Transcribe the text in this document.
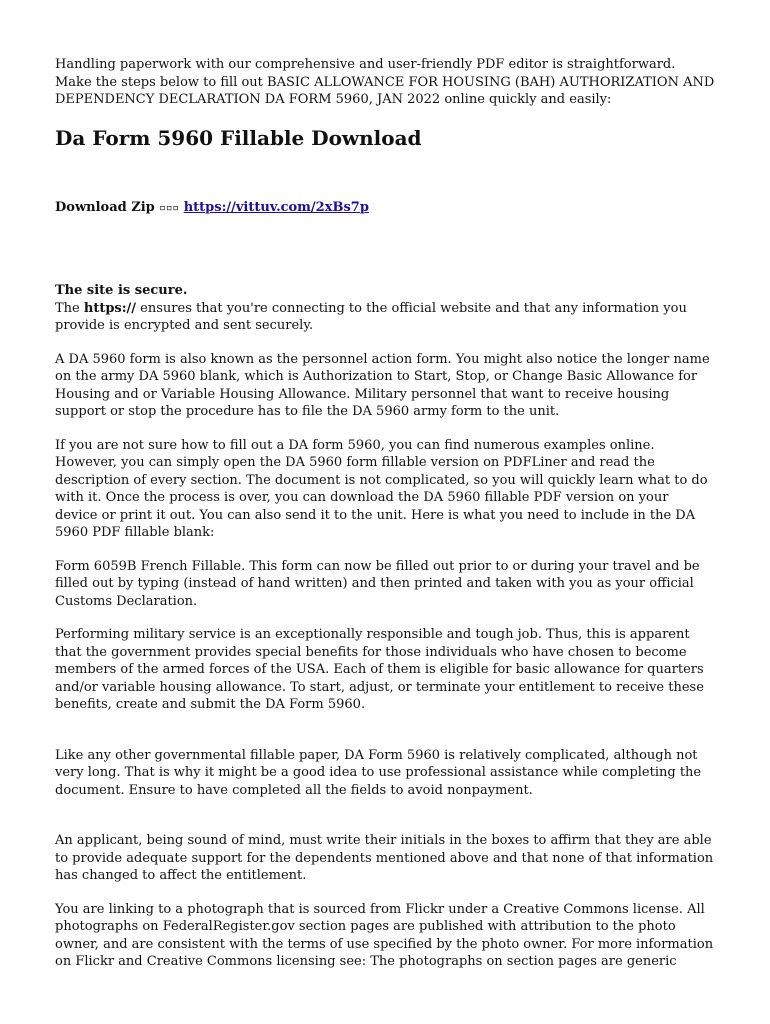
Handling paperwork with our comprehensive and user-friendly PDF editor is straightforward. Make the steps below to fill out BASIC ALLOWANCE FOR HOUSING (BAH) AUTHORIZATION AND DEPENDENCY DECLARATION DA FORM 5960, JAN 2022 online quickly and easily:

Da Form 5960 Fillable Download

Download Zip ▫▫▫ https://vittuv.com/2xBs7p

The site is secure.

The https:// ensures that you're connecting to the official website and that any information you provide is encrypted and sent securely.

A DA 5960 form is also known as the personnel action form. You might also notice the longer name on the army DA 5960 blank, which is Authorization to Start, Stop, or Change Basic Allowance for Housing and or Variable Housing Allowance. Military personnel that want to receive housing support or stop the procedure has to file the DA 5960 army form to the unit.

If you are not sure how to fill out a DA form 5960, you can find numerous examples online. However, you can simply open the DA 5960 form fillable version on PDFLiner and read the description of every section. The document is not complicated, so you will quickly learn what to do with it. Once the process is over, you can download the DA 5960 fillable PDF version on your device or print it out. You can also send it to the unit. Here is what you need to include in the DA 5960 PDF fillable blank:

Form 6059B French Fillable. This form can now be filled out prior to or during your travel and be filled out by typing (instead of hand written) and then printed and taken with you as your official Customs Declaration.

Performing military service is an exceptionally responsible and tough job. Thus, this is apparent that the government provides special benefits for those individuals who have chosen to become members of the armed forces of the USA. Each of them is eligible for basic allowance for quarters and/or variable housing allowance. To start, adjust, or terminate your entitlement to receive these benefits, create and submit the DA Form 5960.

Like any other governmental fillable paper, DA Form 5960 is relatively complicated, although not very long. That is why it might be a good idea to use professional assistance while completing the document. Ensure to have completed all the fields to avoid nonpayment.

An applicant, being sound of mind, must write their initials in the boxes to affirm that they are able to provide adequate support for the dependents mentioned above and that none of that information has changed to affect the entitlement.

You are linking to a photograph that is sourced from Flickr under a Creative Commons license. All photographs on FederalRegister.gov section pages are published with attribution to the photo owner, and are consistent with the terms of use specified by the photo owner. For more information on Flickr and Creative Commons licensing see: The photographs on section pages are generic
